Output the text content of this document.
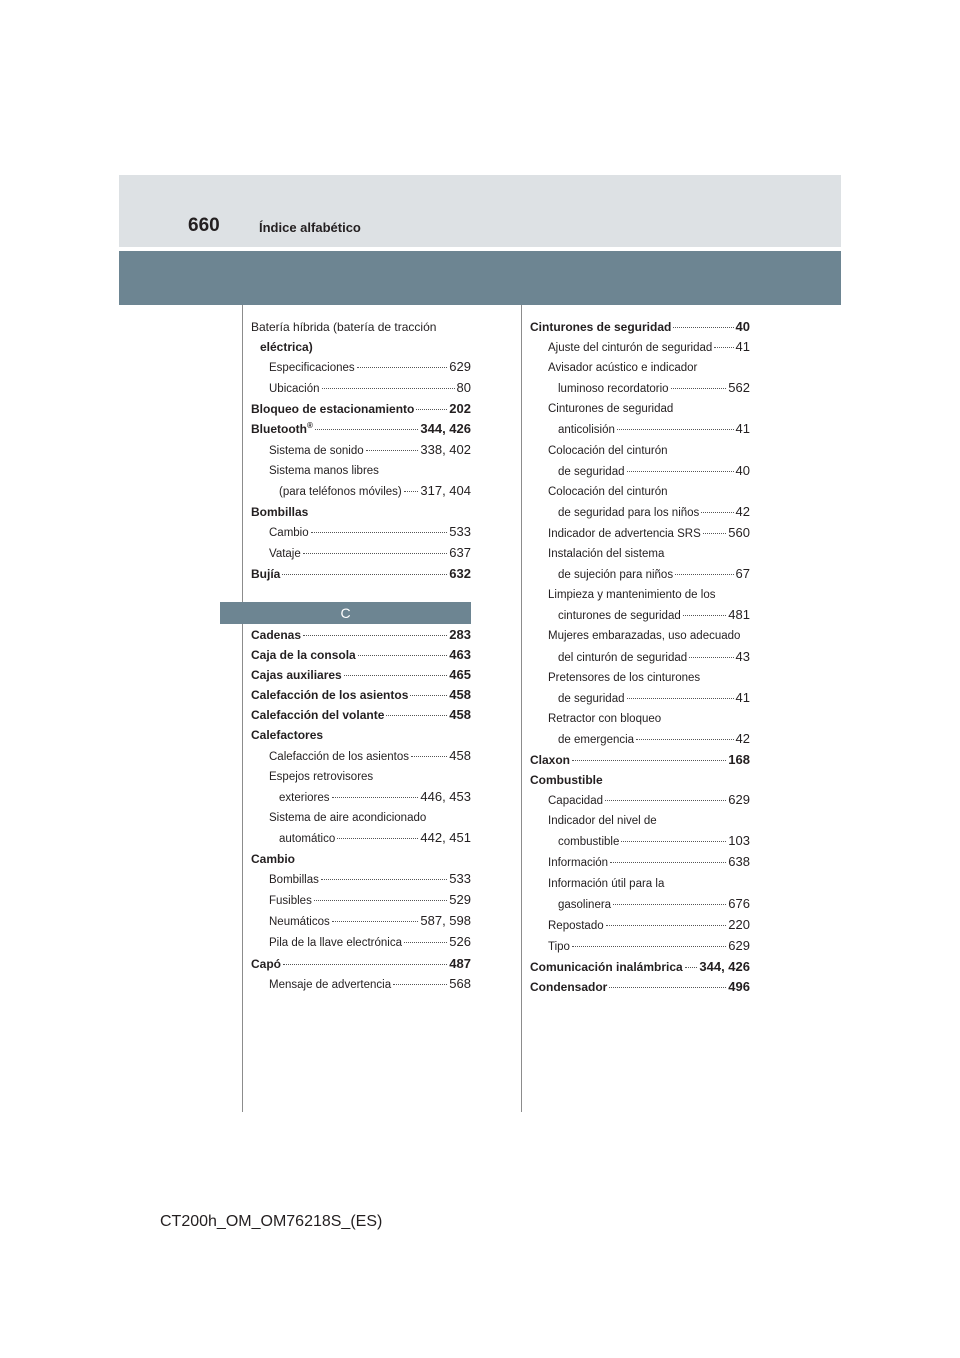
660	Índice alfabético
C
Batería híbrida (batería de tracción
eléctrica)
Especificaciones	629
Ubicación	80
Bloqueo de estacionamiento	202
Bluetooth®	344, 426
Sistema de sonido	338, 402
Sistema manos libres
(para teléfonos móviles) 317, 404
Bombillas
Cambio	533
Vataje	637
Bujía	632
Cadenas	283
Caja de la consola	463
Cajas auxiliares	465
Calefacción de los asientos	458
Calefacción del volante	458
Calefactores
Calefacción de los asientos	458
Espejos retrovisores
exteriores	446, 453
Sistema de aire acondicionado
automático	442, 451
Cambio
Bombillas	533
Fusibles	529
Neumáticos	587, 598
Pila de la llave electrónica	526
Capó	487
Mensaje de advertencia	568
Cinturones de seguridad	40
Ajuste del cinturón de seguridad 41
Avisador acústico e indicador
luminoso recordatorio	562
Cinturones de seguridad
anticolisión	41
Colocación del cinturón
de seguridad	40
Colocación del cinturón
de seguridad para los niños	42
Indicador de advertencia SRS 560
Instalación del sistema
de sujeción para niños	67
Limpieza y mantenimiento de los
cinturones de seguridad	481
Mujeres embarazadas, uso adecuado
del cinturón de seguridad	43
Pretensores de los cinturones
de seguridad	41
Retractor con bloqueo
de emergencia	42
Claxon	168
Combustible
Capacidad	629
Indicador del nivel de
combustible	103
Información	638
Información útil para la
gasolinera	676
Repostado	220
Tipo	629
Comunicación inalámbrica 344, 426
Condensador	496
CT200h_OM_OM76218S_(ES)
